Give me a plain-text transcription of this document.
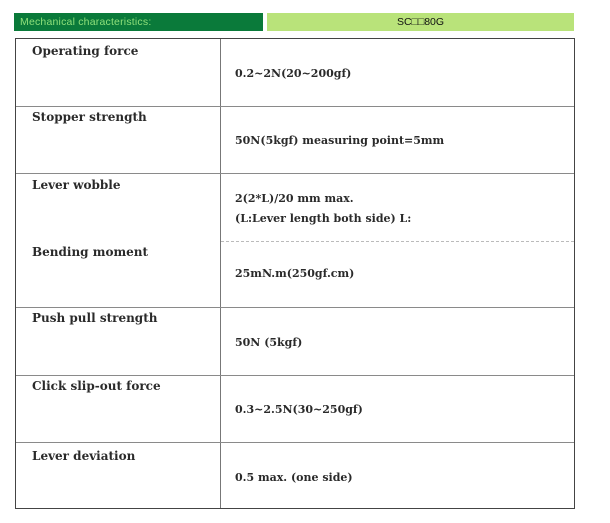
Mechanical characteristics:	SC□□80G
Operating force
0.2~2N(20~200gf)
Stopper strength
50N(5kgf) measuring point=5mm
Lever wobble
2(2*L)/20 mm max.
(L:Lever length both side) L:
Bending moment
25mN.m(250gf.cm)
Push pull strength
50N (5kgf)
Click slip-out force
0.3~2.5N(30~250gf)
Lever deviation
0.5 max. (one side)
